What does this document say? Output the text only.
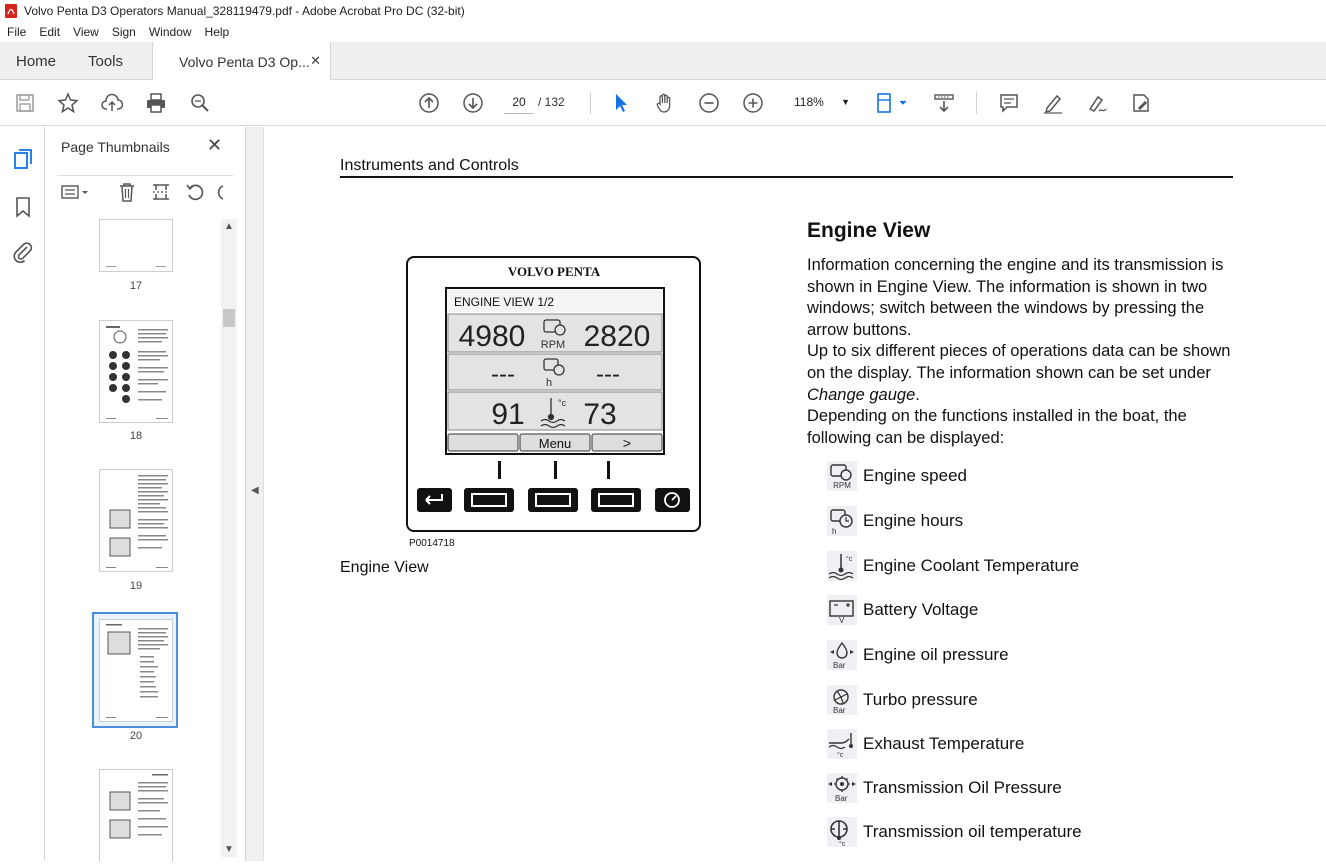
Volvo Penta D3 Operators Manual_328119479.pdf - Adobe Acrobat Pro DC (32-bit)
File	Edit	View	Sign	Window	Help
Home Tools	Volvo Penta D3 Op... ✕
20	/ 132	118% ▼
Page Thumbnails ✕
17
18
19
20
▲
▼
◀
Instruments and Controls
VOLVO PENTA
ENGINE VIEW 1/2
4980 RPM 2820
---	h ---
91	°c 73
Menu	>
P0014718
Engine View
Engine View

Information concerning the engine and its transmission is shown in Engine View. The information is shown in two windows; switch between the windows by pressing the arrow buttons.

Up to six different pieces of operations data can be shown on the display. The information shown can be set under Change gauge.

Depending on the functions installed in the boat, the following can be displayed:

RPM
Engine speed
h
Engine hours
°c Engine Coolant Temperature
V
Battery Voltage
Bar
Engine oil pressure
Bar
Turbo pressure
°c
Exhaust Temperature
Bar
Transmission Oil Pressure
°c
Transmission oil temperature
